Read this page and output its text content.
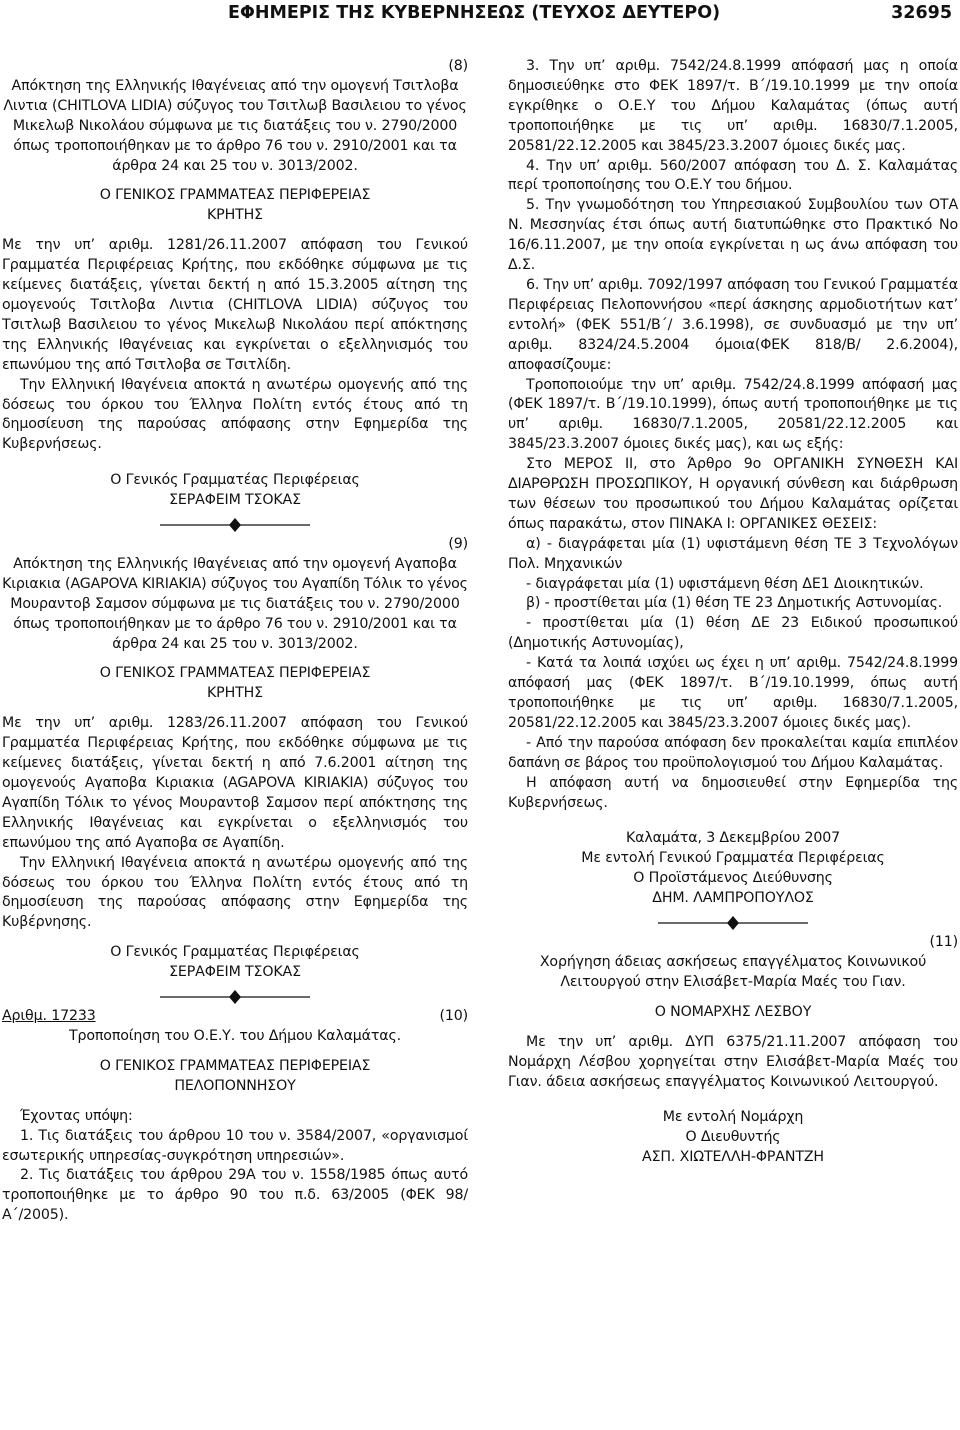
ΕΦΗΜΕΡΙΣ ΤΗΣ ΚΥΒΕΡΝΗΣΕΩΣ (ΤΕΥΧΟΣ ΔΕΥΤΕΡΟ)	32695

(8)

Απόκτηση της Ελληνικής Ιθαγένειας από την ομογενή Τσιτλοβα Λιντια (CHITLOVA LIDIA) σύζυγος του Τσιτλωβ Βασιλειου το γένος Μικελωβ Νικολάου σύμφωνα με τις διατάξεις του ν. 2790/2000 όπως τροποποιήθηκαν με το άρθρο 76 του ν. 2910/2001 και τα άρθρα 24 και 25 του ν. 3013/2002.

Ο ΓΕΝΙΚΟΣ ΓΡΑΜΜΑΤΕΑΣ ΠΕΡΙΦΕΡΕΙΑΣ

ΚΡΗΤΗΣ

Με την υπ’ αριθμ. 1281/26.11.2007 απόφαση του Γενικού Γραμματέα Περιφέρειας Κρήτης, που εκδόθηκε σύμφωνα με τις κείμενες διατάξεις, γίνεται δεκτή η από 15.3.2005 αίτηση της ομογενούς Τσιτλοβα Λιντια (CHITLOVA LIDIA) σύζυγος του Τσιτλωβ Βασιλειου το γένος Μικελωβ Νικολάου περί απόκτησης της Ελληνικής Ιθαγένειας και εγκρίνεται ο εξελληνισμός του επωνύμου της από Τσιτλοβα σε Τσιτλίδη.

Την Ελληνική Ιθαγένεια αποκτά η ανωτέρω ομογενής από της δόσεως του όρκου του Έλληνα Πολίτη εντός έτους από τη δημοσίευση της παρούσας απόφασης στην Εφημερίδα της Κυβερνήσεως.

Ο Γενικός Γραμματέας Περιφέρειας

ΣΕΡΑΦΕΙΜ ΤΣΟΚΑΣ

(9)

Απόκτηση της Ελληνικής Ιθαγένειας από την ομογενή Αγαποβα Κιριακια (AGAPOVA KIRIAKIA) σύζυγος του Αγαπίδη Τόλικ το γένος Μουραντοβ Σαμσον σύμφωνα με τις διατάξεις του ν. 2790/2000 όπως τροποποιήθηκαν με το άρθρο 76 του ν. 2910/2001 και τα άρθρα 24 και 25 του ν. 3013/2002.

Ο ΓΕΝΙΚΟΣ ΓΡΑΜΜΑΤΕΑΣ ΠΕΡΙΦΕΡΕΙΑΣ

ΚΡΗΤΗΣ

Με την υπ’ αριθμ. 1283/26.11.2007 απόφαση του Γενικού Γραμματέα Περιφέρειας Κρήτης, που εκδόθηκε σύμφωνα με τις κείμενες διατάξεις, γίνεται δεκτή η από 7.6.2001 αίτηση της ομογενούς Αγαποβα Κιριακια (AGAPOVA KIRIAKIA) σύζυγος του Αγαπίδη Τόλικ το γένος Μουραντοβ Σαμσον περί απόκτησης της Ελληνικής Ιθαγένειας και εγκρίνεται ο εξελληνισμός του επωνύμου της από Αγαποβα σε Αγαπίδη.

Την Ελληνική Ιθαγένεια αποκτά η ανωτέρω ομογενής από της δόσεως του όρκου του Έλληνα Πολίτη εντός έτους από τη δημοσίευση της παρούσας απόφασης στην Εφημερίδα της Κυβέρνησης.

Ο Γενικός Γραμματέας Περιφέρειας

ΣΕΡΑΦΕΙΜ ΤΣΟΚΑΣ

Αριθμ. 17233	(10)

Τροποποίηση του Ο.Ε.Υ. του Δήμου Καλαμάτας.

Ο ΓΕΝΙΚΟΣ ΓΡΑΜΜΑΤΕΑΣ ΠΕΡΙΦΕΡΕΙΑΣ

ΠΕΛΟΠΟΝΝΗΣΟΥ

Έχοντας υπόψη:

1. Τις διατάξεις του άρθρου 10 του ν. 3584/2007, «οργανισμοί εσωτερικής υπηρεσίας-συγκρότηση υπηρεσιών».

2. Τις διατάξεις του άρθρου 29Α του ν. 1558/1985 όπως αυτό τροποποιήθηκε με το άρθρο 90 του π.δ. 63/2005 (ΦΕΚ 98/Α΄/2005).

3. Την υπ’ αριθμ. 7542/24.8.1999 απόφασή μας η οποία δημοσιεύθηκε στο ΦΕΚ 1897/τ. Β΄/19.10.1999 με την οποία εγκρίθηκε ο Ο.Ε.Υ του Δήμου Καλαμάτας (όπως αυτή τροποποιήθηκε με τις υπ’ αριθμ. 16830/7.1.2005, 20581/22.12.2005 και 3845/23.3.2007 όμοιες δικές μας.

4. Την υπ’ αριθμ. 560/2007 απόφαση του Δ. Σ. Καλαμάτας περί τροποποίησης του Ο.Ε.Υ του δήμου.

5. Την γνωμοδότηση του Υπηρεσιακού Συμβουλίου των ΟΤΑ Ν. Μεσσηνίας έτσι όπως αυτή διατυπώθηκε στο Πρακτικό Νο 16/6.11.2007, με την οποία εγκρίνεται η ως άνω απόφαση του Δ.Σ.

6. Την υπ’ αριθμ. 7092/1997 απόφαση του Γενικού Γραμματέα Περιφέρειας Πελοποννήσου «περί άσκησης αρμοδιοτήτων κατ’ εντολή» (ΦΕΚ 551/Β΄/ 3.6.1998), σε συνδυασμό με την υπ’ αριθμ. 8324/24.5.2004 όμοια(ΦΕΚ 818/Β/ 2.6.2004), αποφασίζουμε:

Τροποποιούμε την υπ’ αριθμ. 7542/24.8.1999 απόφασή μας (ΦΕΚ 1897/τ. Β΄/19.10.1999), όπως αυτή τροποποιήθηκε με τις υπ’ αριθμ. 16830/7.1.2005, 20581/22.12.2005 και 3845/23.3.2007 όμοιες δικές μας), και ως εξής:

Στο ΜΕΡΟΣ ΙΙ, στο Άρθρο 9ο ΟΡΓΑΝΙΚΗ ΣΥΝΘΕΣΗ ΚΑΙ ΔΙΑΡΘΡΩΣΗ ΠΡΟΣΩΠΙΚΟΥ, Η οργανική σύνθεση και διάρθρωση των θέσεων του προσωπικού του Δήμου Καλαμάτας ορίζεται όπως παρακάτω, στον ΠΙΝΑΚΑ Ι: ΟΡΓΑΝΙΚΕΣ ΘΕΣΕΙΣ:

α) - διαγράφεται μία (1) υφιστάμενη θέση ΤΕ 3 Τεχνολόγων Πολ. Μηχανικών

- διαγράφεται μία (1) υφιστάμενη θέση ΔΕ1 Διοικητικών.

β) - προστίθεται μία (1) θέση ΤΕ 23 Δημοτικής Αστυνομίας.

- προστίθεται μία (1) θέση ΔΕ 23 Ειδικού προσωπικού (Δημοτικής Αστυνομίας),

- Κατά τα λοιπά ισχύει ως έχει η υπ’ αριθμ. 7542/24.8.1999 απόφασή μας (ΦΕΚ 1897/τ. Β΄/19.10.1999, όπως αυτή τροποποιήθηκε με τις υπ’ αριθμ. 16830/7.1.2005, 20581/22.12.2005 και 3845/23.3.2007 όμοιες δικές μας).

- Από την παρούσα απόφαση δεν προκαλείται καμία επιπλέον δαπάνη σε βάρος του προϋπολογισμού του Δήμου Καλαμάτας.

Η απόφαση αυτή να δημοσιευθεί στην Εφημερίδα της Κυβερνήσεως.

Καλαμάτα, 3 Δεκεμβρίου 2007

Με εντολή Γενικού Γραμματέα Περιφέρειας

Ο Προϊστάμενος Διεύθυνσης

ΔΗΜ. ΛΑΜΠΡΟΠΟΥΛΟΣ

(11)

Χορήγηση άδειας ασκήσεως επαγγέλματος Κοινωνικού Λειτουργού στην Ελισάβετ-Μαρία Μαές του Γιαν.

Ο ΝΟΜΑΡΧΗΣ ΛΕΣΒΟΥ

Με την υπ’ αριθμ. ΔΥΠ 6375/21.11.2007 απόφαση του Νομάρχη Λέσβου χορηγείται στην Ελισάβετ-Μαρία Μαές του Γιαν. άδεια ασκήσεως επαγγέλματος Κοινωνικού Λειτουργού.

Με εντολή Νομάρχη

Ο Διευθυντής

ΑΣΠ. ΧΙΩΤΕΛΛΗ-ΦΡΑΝΤΖΗ
